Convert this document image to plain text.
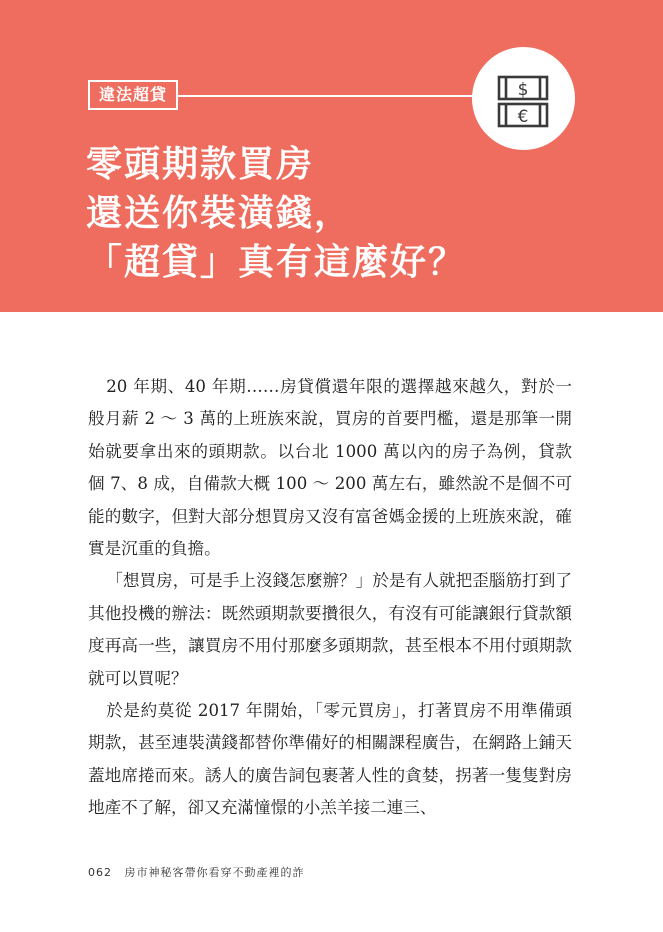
違法超貸	$
€
零頭期款買房
還送你裝潢錢，
「超貸」真有這麼好？

20 年期、40 年期……房貸償還年限的選擇越來越久，對於一般月薪 2 ～ 3 萬的上班族來說，買房的首要門檻，還是那筆一開始就要拿出來的頭期款。以台北 1000 萬以內的房子為例，貸款個 7、8 成，自備款大概 100 ～ 200 萬左右，雖然說不是個不可能的數字，但對大部分想買房又沒有富爸媽金援的上班族來說，確實是沉重的負擔。

「想買房，可是手上沒錢怎麼辦？」於是有人就把歪腦筋打到了其他投機的辦法：既然頭期款要攢很久，有沒有可能讓銀行貸款額度再高一些，讓買房不用付那麼多頭期款，甚至根本不用付頭期款就可以買呢？

於是約莫從 2017 年開始，「零元買房」，打著買房不用準備頭期款，甚至連裝潢錢都替你準備好的相關課程廣告，在網路上鋪天蓋地席捲而來。誘人的廣告詞包裹著人性的貪婪，拐著一隻隻對房地產不了解，卻又充滿憧憬的小羔羊接二連三、

062 房市神秘客帶你看穿不動產裡的詐
